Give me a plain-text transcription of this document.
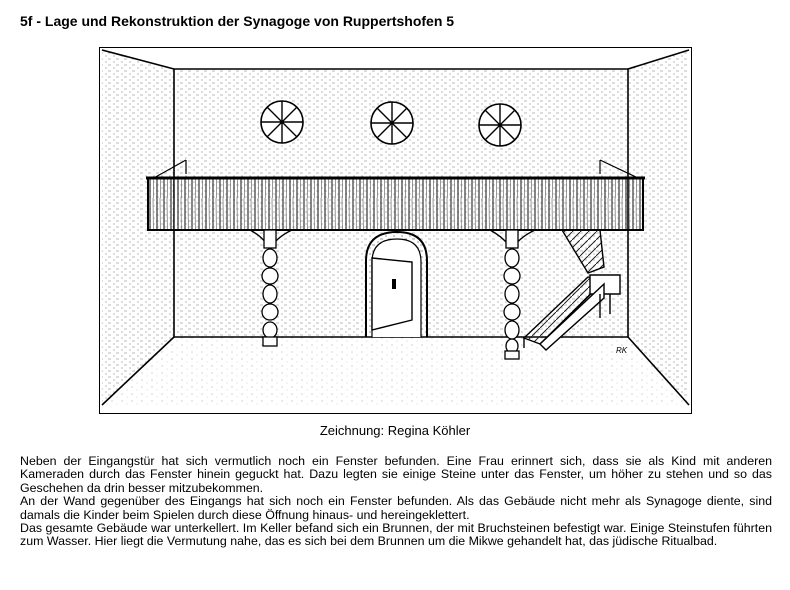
5f - Lage und Rekonstruktion der Synagoge von Ruppertshofen 5
RK
Zeichnung: Regina Köhler

Neben der Eingangstür hat sich vermutlich noch ein Fenster befunden. Eine Frau erinnert sich, dass sie als Kind mit anderen Kameraden durch das Fenster hinein geguckt hat. Dazu legten sie einige Steine unter das Fenster, um höher zu stehen und so das Geschehen da drin besser mitzubekommen.

An der Wand gegenüber des Eingangs hat sich noch ein Fenster befunden. Als das Gebäude nicht mehr als Synagoge diente, sind damals die Kinder beim Spielen durch diese Öffnung hinaus- und hereingeklettert.

Das gesamte Gebäude war unterkellert. Im Keller befand sich ein Brunnen, der mit Bruchsteinen befestigt war. Einige Steinstufen führten zum Wasser. Hier liegt die Vermutung nahe, das es sich bei dem Brunnen um die Mikwe gehandelt hat, das jüdische Ritualbad.
